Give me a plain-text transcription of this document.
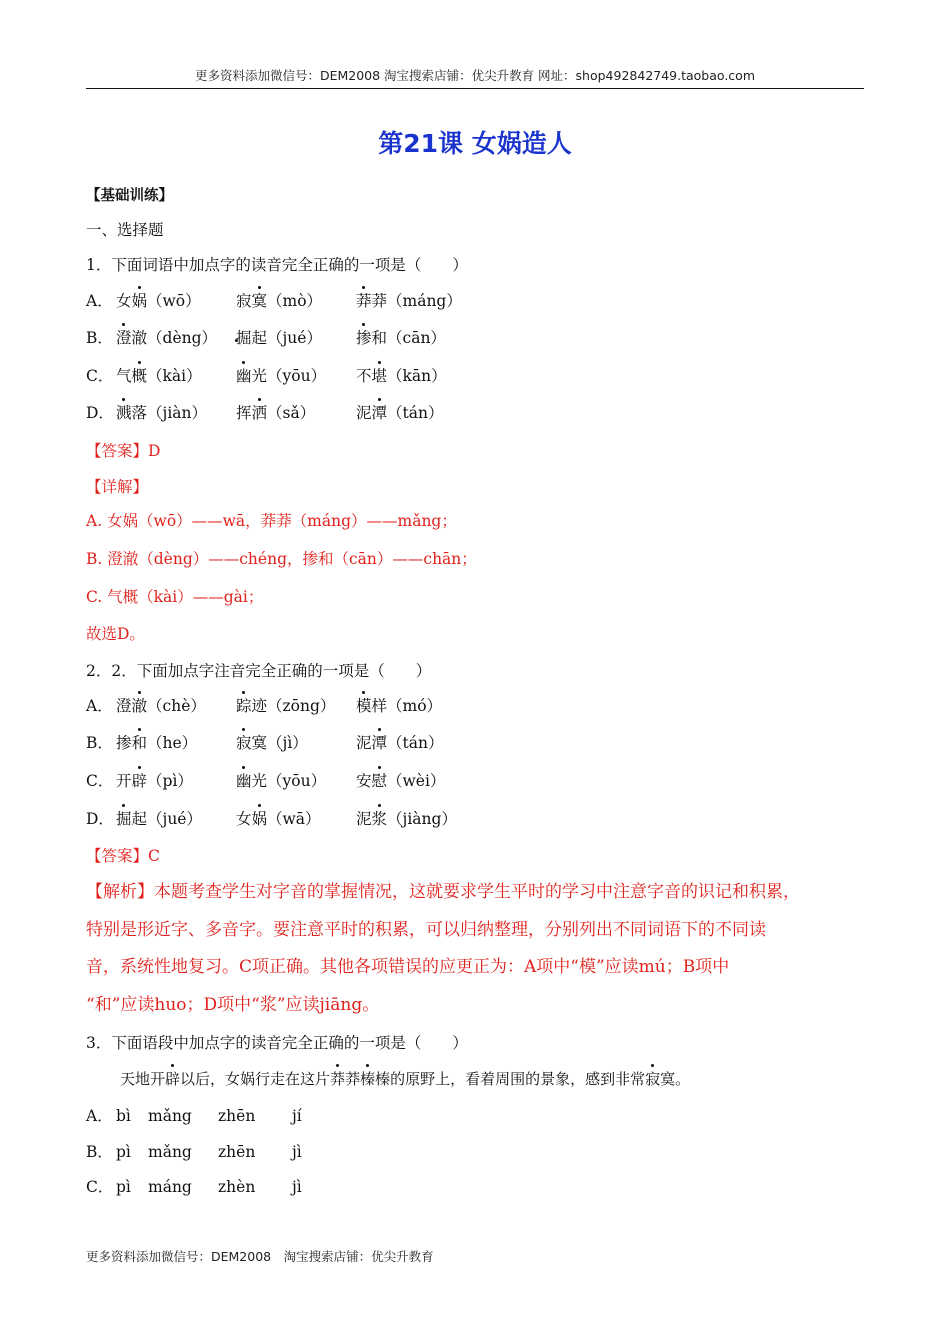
更多资料添加微信号：DEM2008 淘宝搜索店铺：优尖升教育 网址：shop492842749.taobao.com
第21课 女娲造人
【基础训练】
一、选择题
1．下面词语中加点字的读音完全正确的一项是（　　）
A． 女娲（wō） 寂寞（mò） 莽莽（máng）
B． 澄澈（dèng） 掘起（jué） 掺和（cān）
C． 气概（kài） 幽光（yōu） 不堪（kān）
D． 溅落（jiàn） 挥洒（sǎ）	泥潭（tán）
【答案】D
【详解】
A. 女娲（wō）——wā，莽莽（máng）——mǎng；
B. 澄澈（dèng）——chéng，掺和（cān）——chān；
C. 气概（kài）——gài；
故选D。
2．2．下面加点字注音完全正确的一项是（　　）
A． 澄澈（chè） 踪迹（zōng） 模样（mó）
B． 掺和（he）	寂寞（jì）	泥潭（tán）
C． 开辟（pì）	幽光（yōu） 安慰（wèi）
D． 掘起（jué） 女娲（wā） 泥浆（jiàng）
【答案】C
【解析】本题考查学生对字音的掌握情况，这就要求学生平时的学习中注意字音的识记和积累，
特别是形近字、多音字。要注意平时的积累，可以归纳整理，分别列出不同词语下的不同读
音，系统性地复习。C项正确。其他各项错误的应更正为：A项中“模”应读mú；B项中
“和”应读huo；D项中“浆”应读jiāng。
3．下面语段中加点字的读音完全正确的一项是（　　）
天地开辟以后，女娲行走在这片莽莽榛榛的原野上，看着周围的景象，感到非常寂寞。
A． bì mǎng zhēn jí
B． pì mǎng zhēn jì
C． pì máng zhèn jì
更多资料添加微信号：DEM2008　淘宝搜索店铺：优尖升教育
